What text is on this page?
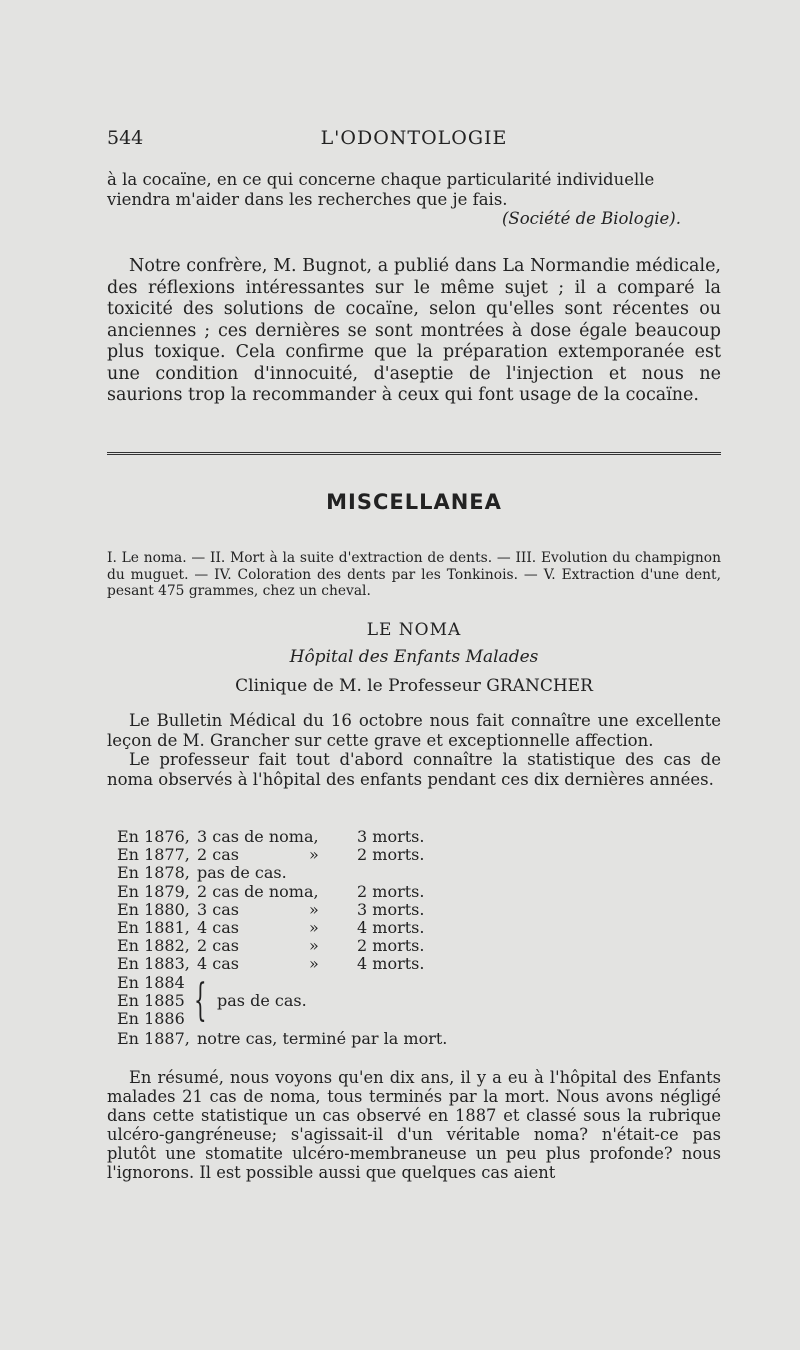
544	L'ODONTOLOGIE

à la cocaïne, en ce qui concerne chaque particularité individuelle

viendra m'aider dans les recherches que je fais.

(Société de Biologie).

Notre confrère, M. Bugnot, a publié dans La Normandie médicale, des réflexions intéressantes sur le même sujet ; il a comparé la toxicité des solutions de cocaïne, selon qu'elles sont récentes ou anciennes ; ces dernières se sont montrées à dose égale beaucoup plus toxique. Cela confirme que la préparation extemporanée est une condition d'innocuité, d'aseptie de l'injection et nous ne saurions trop la recommander à ceux qui font usage de la cocaïne.

MISCELLANEA

I. Le noma. — II. Mort à la suite d'extraction de dents. — III. Evolution du champignon du muguet. — IV. Coloration des dents par les Tonkinois. — V. Extraction d'une dent, pesant 475 grammes, chez un cheval.

LE NOMA
Hôpital des Enfants Malades
Clinique de M. le Professeur GRANCHER

Le Bulletin Médical du 16 octobre nous fait connaître une excellente leçon de M. Grancher sur cette grave et exceptionnelle affection.

Le professeur fait tout d'abord connaître la statistique des cas de noma observés à l'hôpital des enfants pendant ces dix dernières années.

En 1876, 3 cas de noma, 3 morts.
En 1877, 2 cas	» 2 morts.
En 1878, pas de cas.
En 1879, 2 cas de noma, 2 morts.
En 1880, 3 cas	» 3 morts.
En 1881, 4 cas	» 4 morts.
En 1882, 2 cas	» 2 morts.
En 1883, 4 cas	» 4 morts.
En 1884
En 1885
En 1886 { pas de cas.
En 1887, notre cas, terminé par la mort.

En résumé, nous voyons qu'en dix ans, il y a eu à l'hôpital des Enfants malades 21 cas de noma, tous terminés par la mort. Nous avons négligé dans cette statistique un cas observé en 1887 et classé sous la rubrique ulcéro-gangréneuse; s'agissait-il d'un véritable noma? n'était-ce pas plutôt une stomatite ulcéro-membraneuse un peu plus profonde? nous l'ignorons. Il est possible aussi que quelques cas aient
